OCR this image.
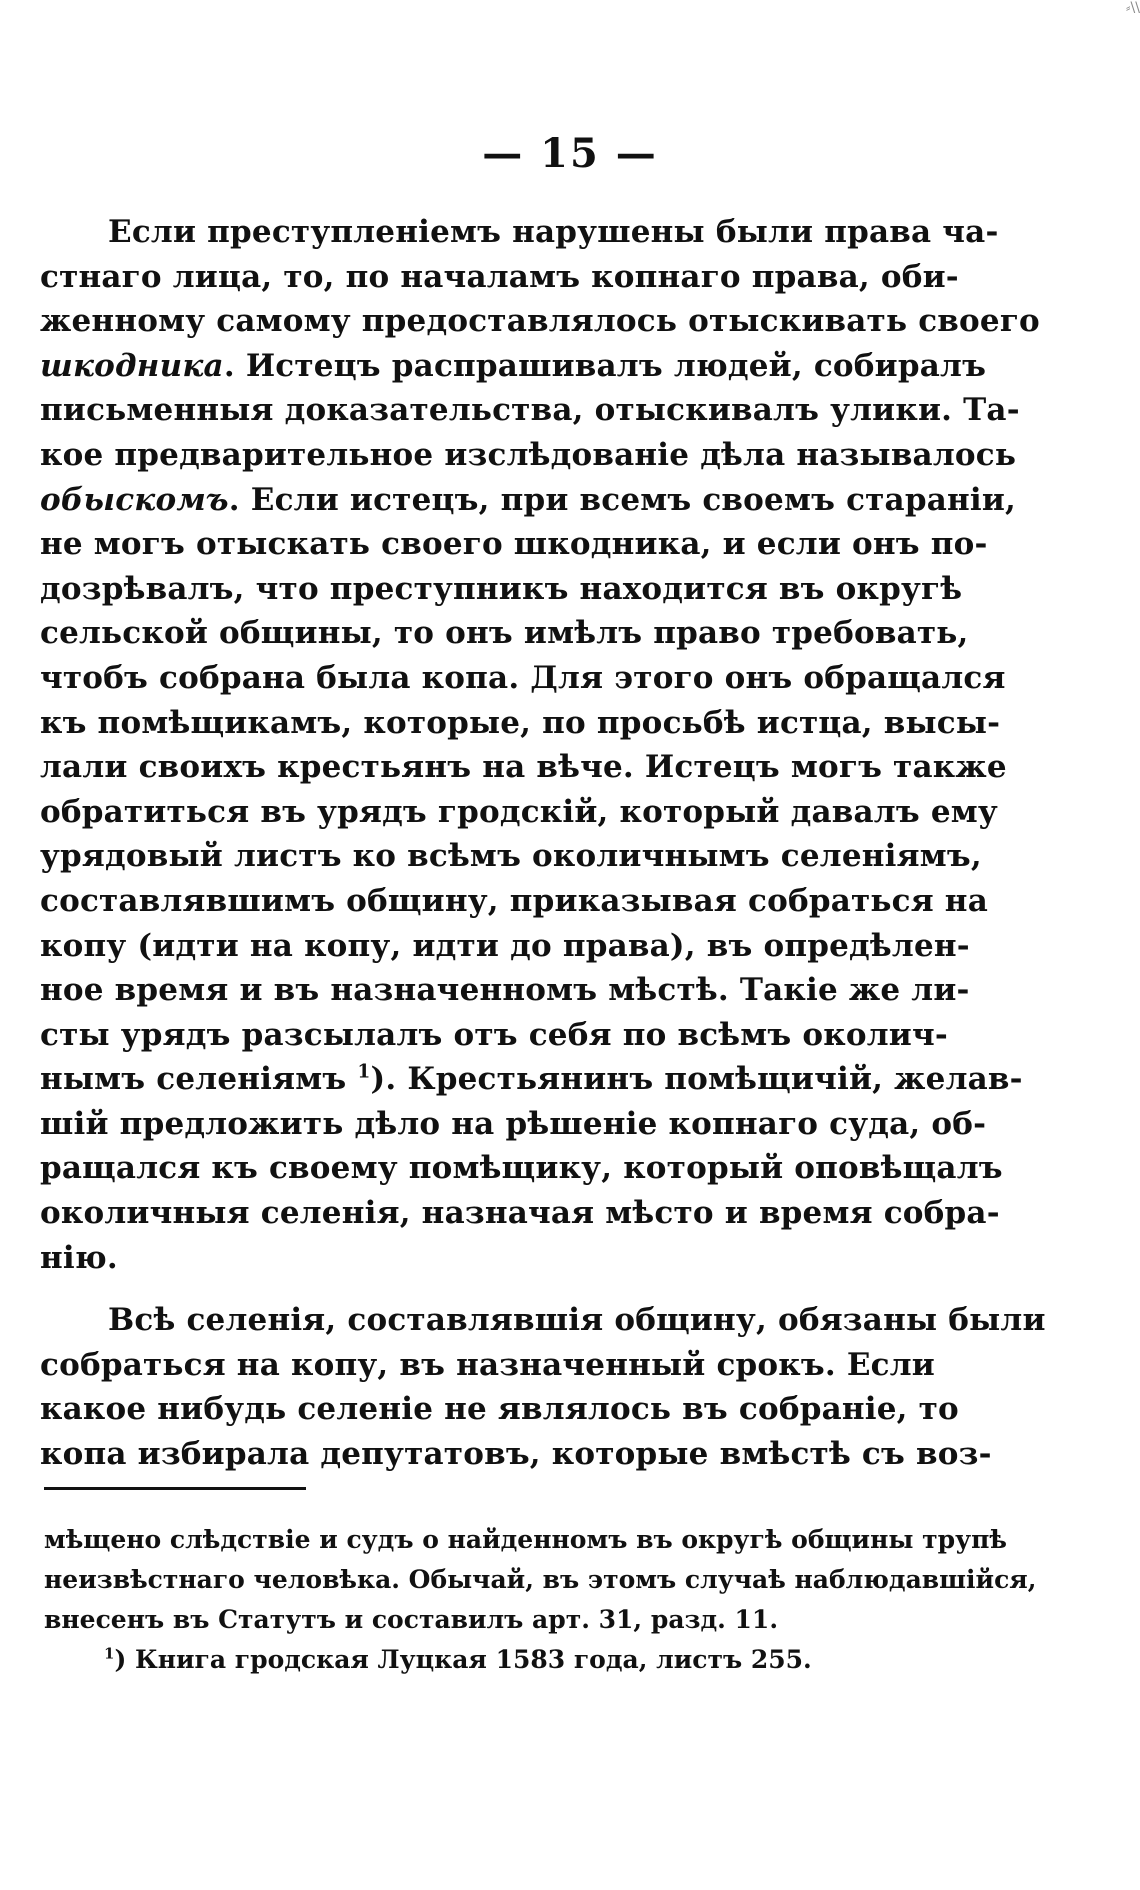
⸗\\
— 15 —
Если преступленіемъ нарушены были права ча-
стнаго лица, то, по началамъ копнаго права, оби-
женному самому предоставлялось отыскивать своего
шкодника. Истецъ распрашивалъ людей, собиралъ
письменныя доказательства, отыскивалъ улики. Та-
кое предварительное изслѣдованіе дѣла называлось
обыскомъ. Если истецъ, при всемъ своемъ стараніи,
не могъ отыскать своего шкодника, и если онъ по-
дозрѣвалъ, что преступникъ находится въ округѣ
сельской общины, то онъ имѣлъ право требовать,
чтобъ собрана была копа. Для этого онъ обращался
къ помѣщикамъ, которые, по просьбѣ истца, высы-
лали своихъ крестьянъ на вѣче. Истецъ могъ также
обратиться въ урядъ гродскій, который давалъ ему
урядовый листъ ко всѣмъ околичнымъ селеніямъ,
составлявшимъ общину, приказывая собраться на
копу (идти на копу, идти до права), въ опредѣлен-
ное время и въ назначенномъ мѣстѣ. Такіе же ли-
сты урядъ разсылалъ отъ себя по всѣмъ околич-
нымъ селеніямъ $^1$). Крестьянинъ помѣщичій, желав-
шій предложить дѣло на рѣшеніе копнаго суда, об-
ращался къ своему помѣщику, который оповѣщалъ
околичныя селенія, назначая мѣсто и время собра-
нію.
Всѣ селенія, составлявшія общину, обязаны были
собраться на копу, въ назначенный срокъ. Если
какое нибудь селеніе не являлось въ собраніе, то
копа избирала депутатовъ, которые вмѣстѣ съ воз-
мѣщено слѣдствіе и судъ о найденномъ въ округѣ общины трупѣ
неизвѣстнаго человѣка. Обычай, въ этомъ случаѣ наблюдавшійся,
внесенъ въ Статутъ и составилъ арт. 31, разд. 11.
$^1$) Книга гродская Луцкая 1583 года, листъ 255.
